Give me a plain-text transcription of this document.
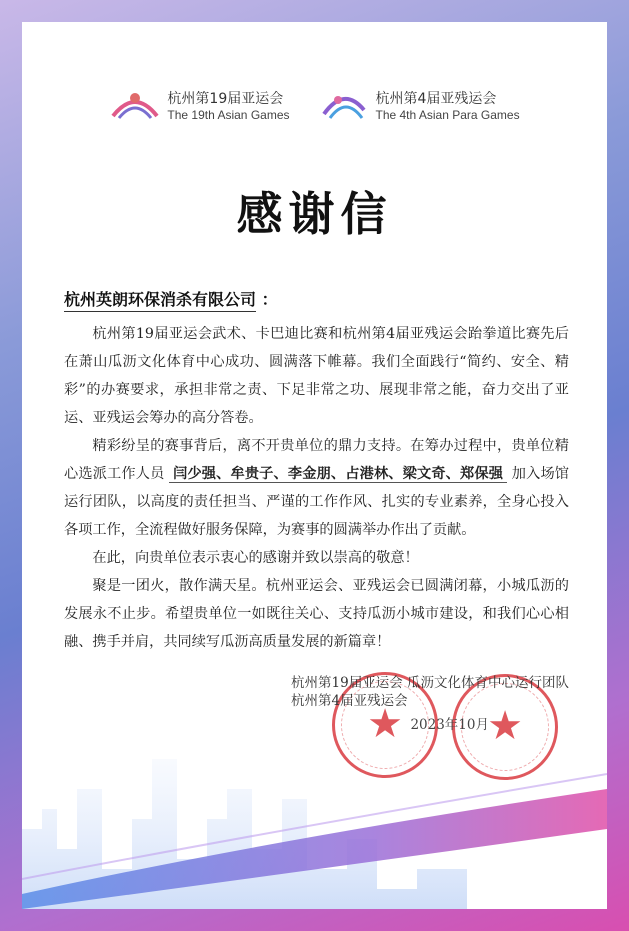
杭州第19届亚运会
The 19th Asian Games
杭州第4届亚残运会
The 4th Asian Para Games
感谢信
杭州英朗环保消杀有限公司 ：
★	★

杭州第19届亚运会武术、卡巴迪比赛和杭州第4届亚残运会跆拳道比赛先后在萧山瓜沥文化体育中心成功、圆满落下帷幕。我们全面践行“简约、安全、精彩”的办赛要求，承担非常之责、下足非常之功、展现非常之能，奋力交出了亚运、亚残运会筹办的高分答卷。

精彩纷呈的赛事背后，离不开贵单位的鼎力支持。在筹办过程中，贵单位精心选派工作人员 闫少强、牟贵子、李金朋、占港林、梁文奇、郑保强 加入场馆运行团队，以高度的责任担当、严谨的工作作风、扎实的专业素养，全身心投入各项工作，全流程做好服务保障，为赛事的圆满举办作出了贡献。

在此，向贵单位表示衷心的感谢并致以崇高的敬意！

聚是一团火，散作满天星。杭州亚运会、亚残运会已圆满闭幕，小城瓜沥的发展永不止步。希望贵单位一如既往关心、支持瓜沥小城市建设，和我们心心相融、携手并肩，共同续写瓜沥高质量发展的新篇章！

杭州第19届亚运会 瓜沥文化体育中心运行团队
杭州第4届亚残运会
2023年10月
